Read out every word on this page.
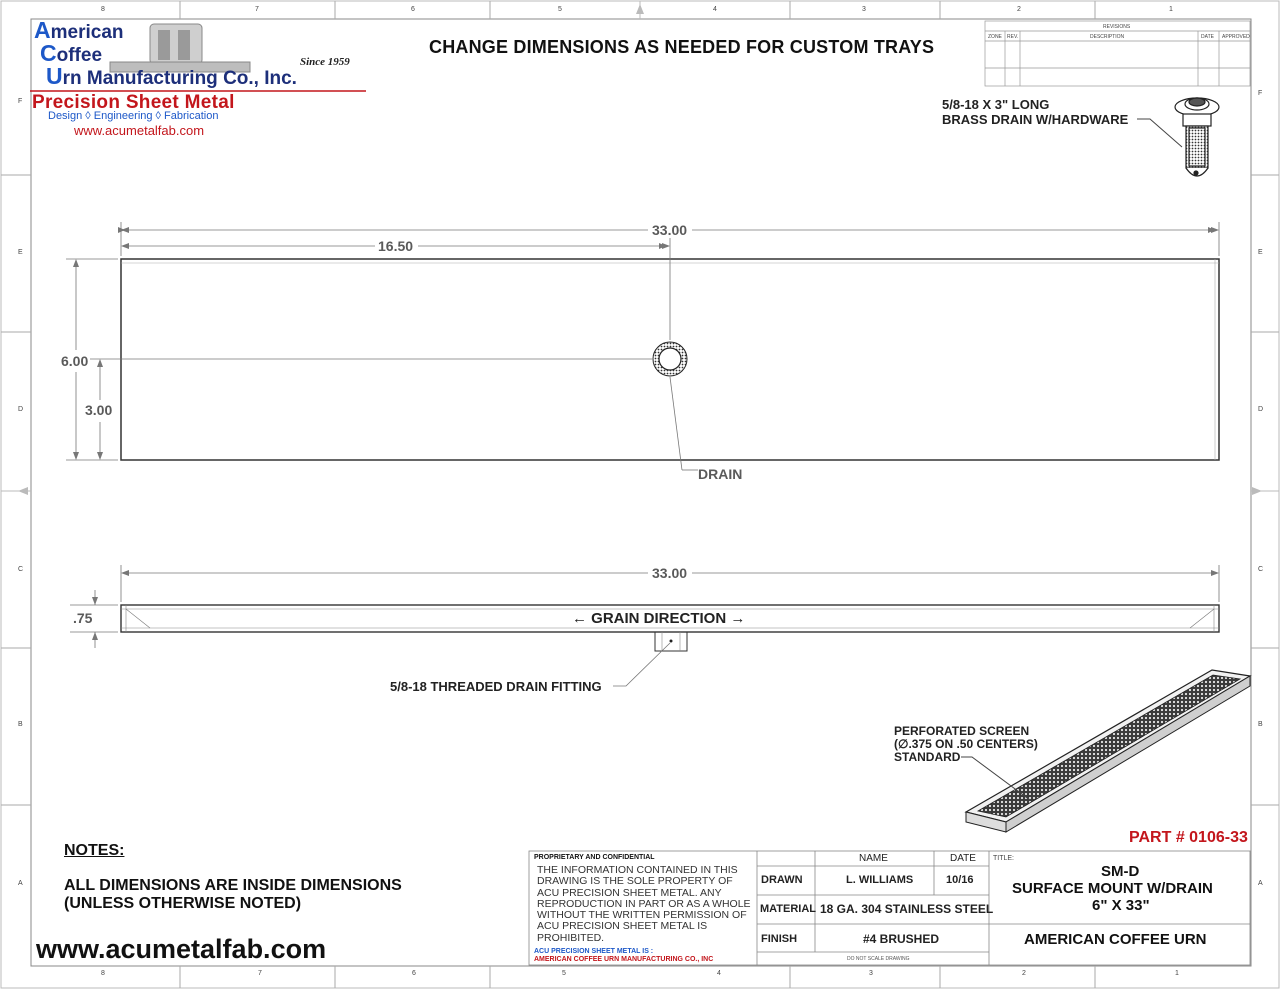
8	7	6	5	4	3	2	1
8	7	6	5	4	3	2	1
F
E
D
C
B
A
F
E
D
C
B
A
American
Coffee
Urn Manufacturing Co., Inc.
Since 1959
Precision Sheet Metal
Design ◊ Engineering ◊ Fabrication
www.acumetalfab.com
CHANGE DIMENSIONS AS NEEDED FOR CUSTOM TRAYS
REVISIONS
ZONE REV.	DESCRIPTION	DATE APPROVED
5/8-18 X 3" LONG
BRASS DRAIN W/HARDWARE
33.00
16.50
6.00
3.00
DRAIN
33.00
.75	← GRAIN DIRECTION →
5/8-18 THREADED DRAIN FITTING
PERFORATED SCREEN
(∅.375 ON .50 CENTERS)
STANDARD
PART # 0106-33
NOTES:
ALL DIMENSIONS ARE INSIDE DIMENSIONS
(UNLESS OTHERWISE NOTED)
www.acumetalfab.com
PROPRIETARY AND CONFIDENTIAL
THE INFORMATION CONTAINED IN THIS
DRAWING IS THE SOLE PROPERTY OF
ACU PRECISION SHEET METAL. ANY
REPRODUCTION IN PART OR AS A WHOLE
WITHOUT THE WRITTEN PERMISSION OF
ACU PRECISION SHEET METAL IS
PROHIBITED.
ACU PRECISION SHEET METAL IS :
AMERICAN COFFEE URN MANUFACTURING CO., INC
NAME	DATE
DRAWN	L. WILLIAMS	10/16
MATERIAL 18 GA. 304 STAINLESS STEEL
FINISH	#4 BRUSHED
DO NOT SCALE DRAWING
TITLE:
SM-D
SURFACE MOUNT W/DRAIN
6" X 33"
AMERICAN COFFEE URN
